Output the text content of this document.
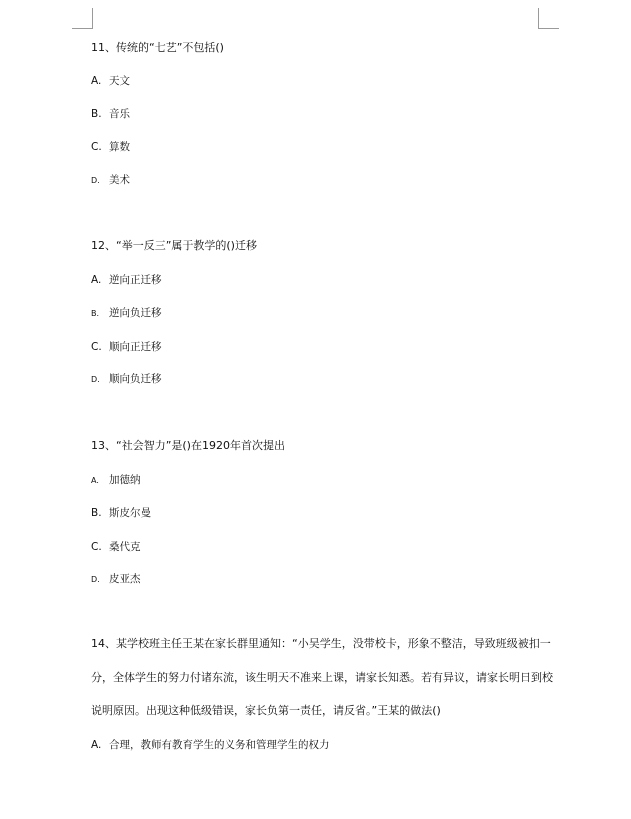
11、传统的“七艺”不包括()
A. 天文
B. 音乐
C. 算数
D. 美术
12、“举一反三”属于教学的()迁移
A. 逆向正迁移
B. 逆向负迁移
C. 顺向正迁移
D. 顺向负迁移
13、“社会智力”是()在1920年首次提出
A. 加德纳
B. 斯皮尔曼
C. 桑代克
D. 皮亚杰
14、某学校班主任王某在家长群里通知：“小吴学生，没带校卡，形象不整洁，导致班级被扣一
分，全体学生的努力付诸东流，该生明天不准来上课，请家长知悉。若有异议，请家长明日到校
说明原因。出现这种低级错误，家长负第一责任，请反省。”王某的做法()
A. 合理，教师有教育学生的义务和管理学生的权力
